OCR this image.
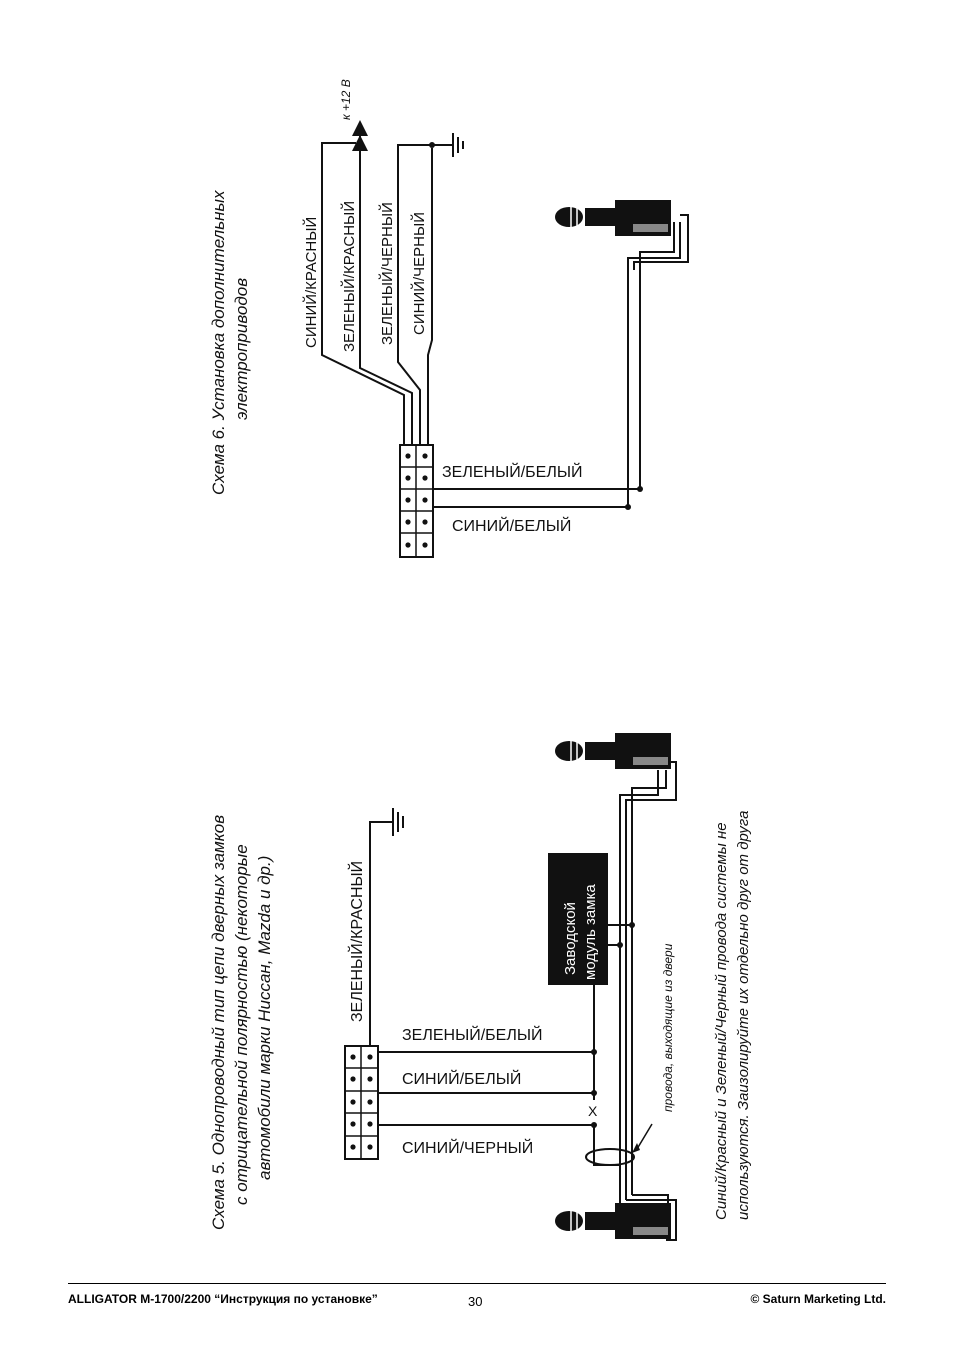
Схема 6. Установка дополнительных электроприводов
к +12 В
СИНИЙ/КРАСНЫЙ ЗЕЛЕНЫЙ/КРАСНЫЙ ЗЕЛЕНЫЙ/ЧЕРНЫЙ СИНИЙ/ЧЕРНЫЙ
ЗЕЛЕНЫЙ/БЕЛЫЙ
СИНИЙ/БЕЛЫЙ
Схема 5. Однопроводный тип цепи дверных замков с отрицательной полярностью (некоторые автомобили марки Ниссан, Mazda и др.)	ЗЕЛЕНЫЙ/КРАСНЫЙ
ЗЕЛЕНЫЙ/БЕЛЫЙ
СИНИЙ/БЕЛЫЙ
СИНИЙ/ЧЕРНЫЙ
X
Заводской модуль замка
провода, выходящие из двери	Синий/Красный и Зеленый/Черный провода системы не используются. Заизолируйте их отдельно друг от друга
ALLIGATOR M-1700/2200 “Инструкция по установке”	30	© Saturn Marketing Ltd.
